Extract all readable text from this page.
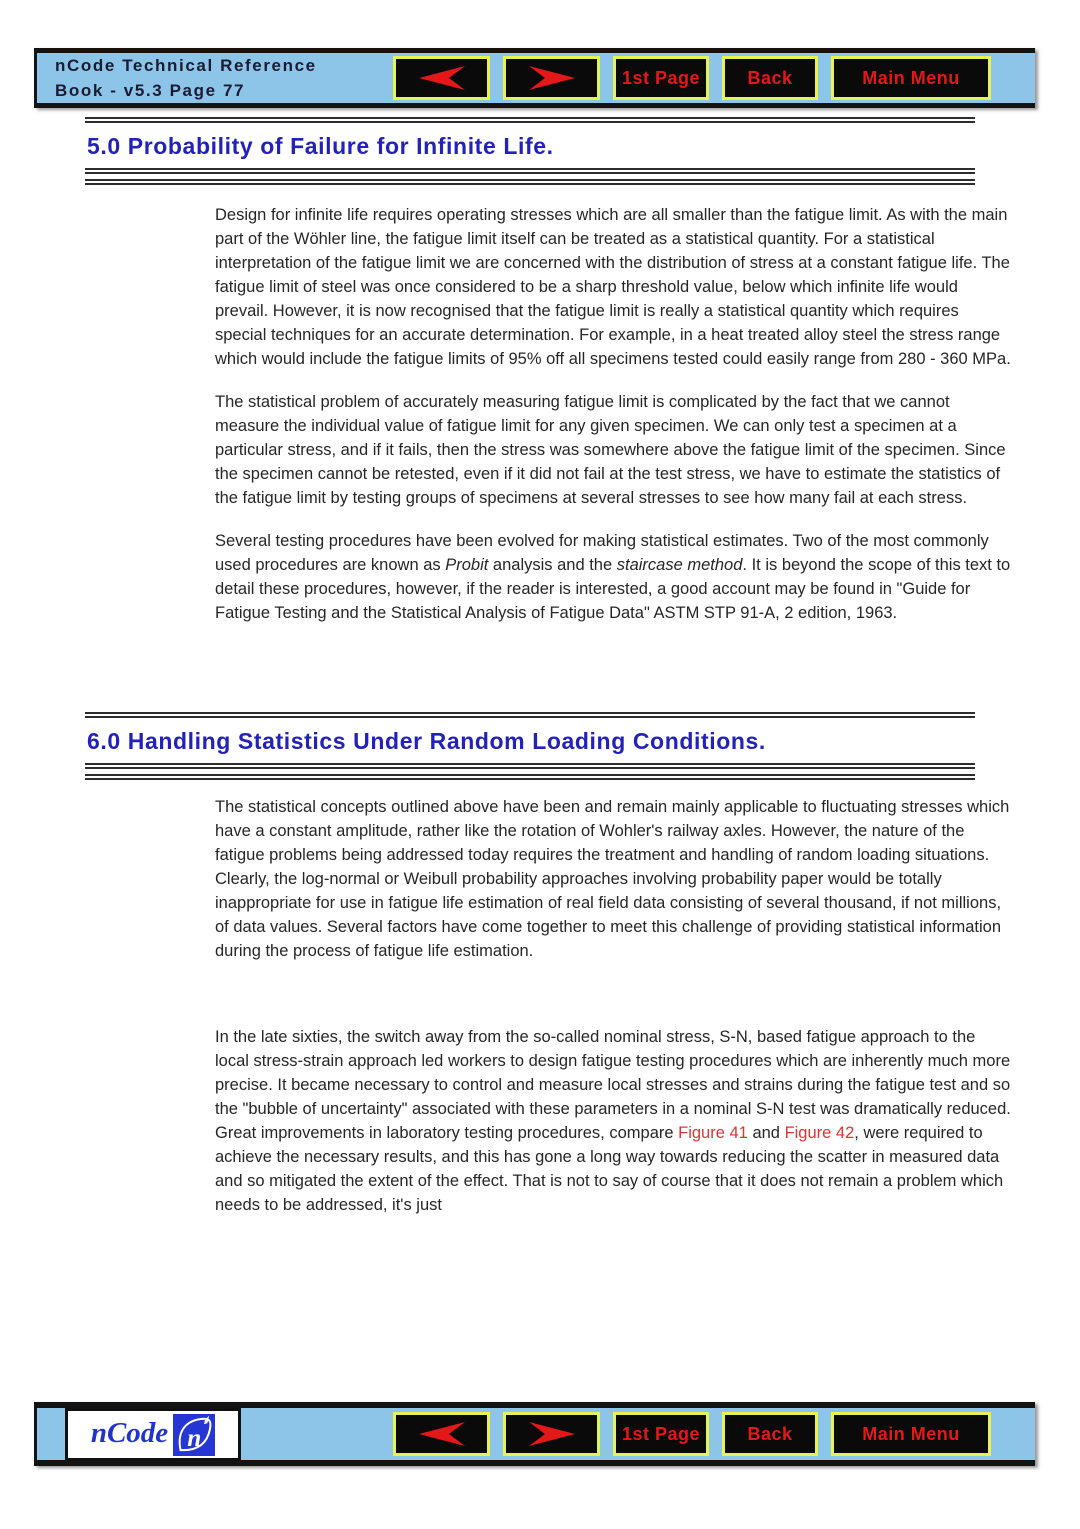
nCode Technical Reference
Book - v5.3 Page 77
1st Page	Back	Main Menu
5.0 Probability of Failure for Infinite Life.

Design for infinite life requires operating stresses which are all smaller than the fatigue limit. As with the main part of the Wöhler line, the fatigue limit itself can be treated as a statistical quantity. For a statistical interpretation of the fatigue limit we are concerned with the distribution of stress at a constant fatigue life. The fatigue limit of steel was once considered to be a sharp threshold value, below which infinite life would prevail. However, it is now recognised that the fatigue limit is really a statistical quantity which requires special techniques for an accurate determination. For example, in a heat treated alloy steel the stress range which would include the fatigue limits of 95% off all specimens tested could easily range from 280 - 360 MPa.

The statistical problem of accurately measuring fatigue limit is complicated by the fact that we cannot measure the individual value of fatigue limit for any given specimen. We can only test a specimen at a particular stress, and if it fails, then the stress was somewhere above the fatigue limit of the specimen. Since the specimen cannot be retested, even if it did not fail at the test stress, we have to estimate the statistics of the fatigue limit by testing groups of specimens at several stresses to see how many fail at each stress.

Several testing procedures have been evolved for making statistical estimates. Two of the most commonly used procedures are known as Probit analysis and the staircase method. It is beyond the scope of this text to detail these procedures, however, if the reader is interested, a good account may be found in "Guide for Fatigue Testing and the Statistical Analysis of Fatigue Data" ASTM STP 91-A, 2 edition, 1963.

6.0 Handling Statistics Under Random Loading Conditions.

The statistical concepts outlined above have been and remain mainly applicable to fluctuating stresses which have a constant amplitude, rather like the rotation of Wohler's railway axles. However, the nature of the fatigue problems being addressed today requires the treatment and handling of random loading situations. Clearly, the log-normal or Weibull probability approaches involving probability paper would be totally inappropriate for use in fatigue life estimation of real field data consisting of several thousand, if not millions, of data values. Several factors have come together to meet this challenge of providing statistical information during the process of fatigue life estimation.

In the late sixties, the switch away from the so-called nominal stress, S-N, based fatigue approach to the local stress-strain approach led workers to design fatigue testing procedures which are inherently much more precise. It became necessary to control and measure local stresses and strains during the fatigue test and so the "bubble of uncertainty" associated with these parameters in a nominal S-N test was dramatically reduced. Great improvements in laboratory testing procedures, compare Figure 41 and Figure 42, were required to achieve the necessary results, and this has gone a long way towards reducing the scatter in measured data and so mitigated the extent of the effect. That is not to say of course that it does not remain a problem which needs to be addressed, it's just

nCode n	1st Page	Back	Main Menu
